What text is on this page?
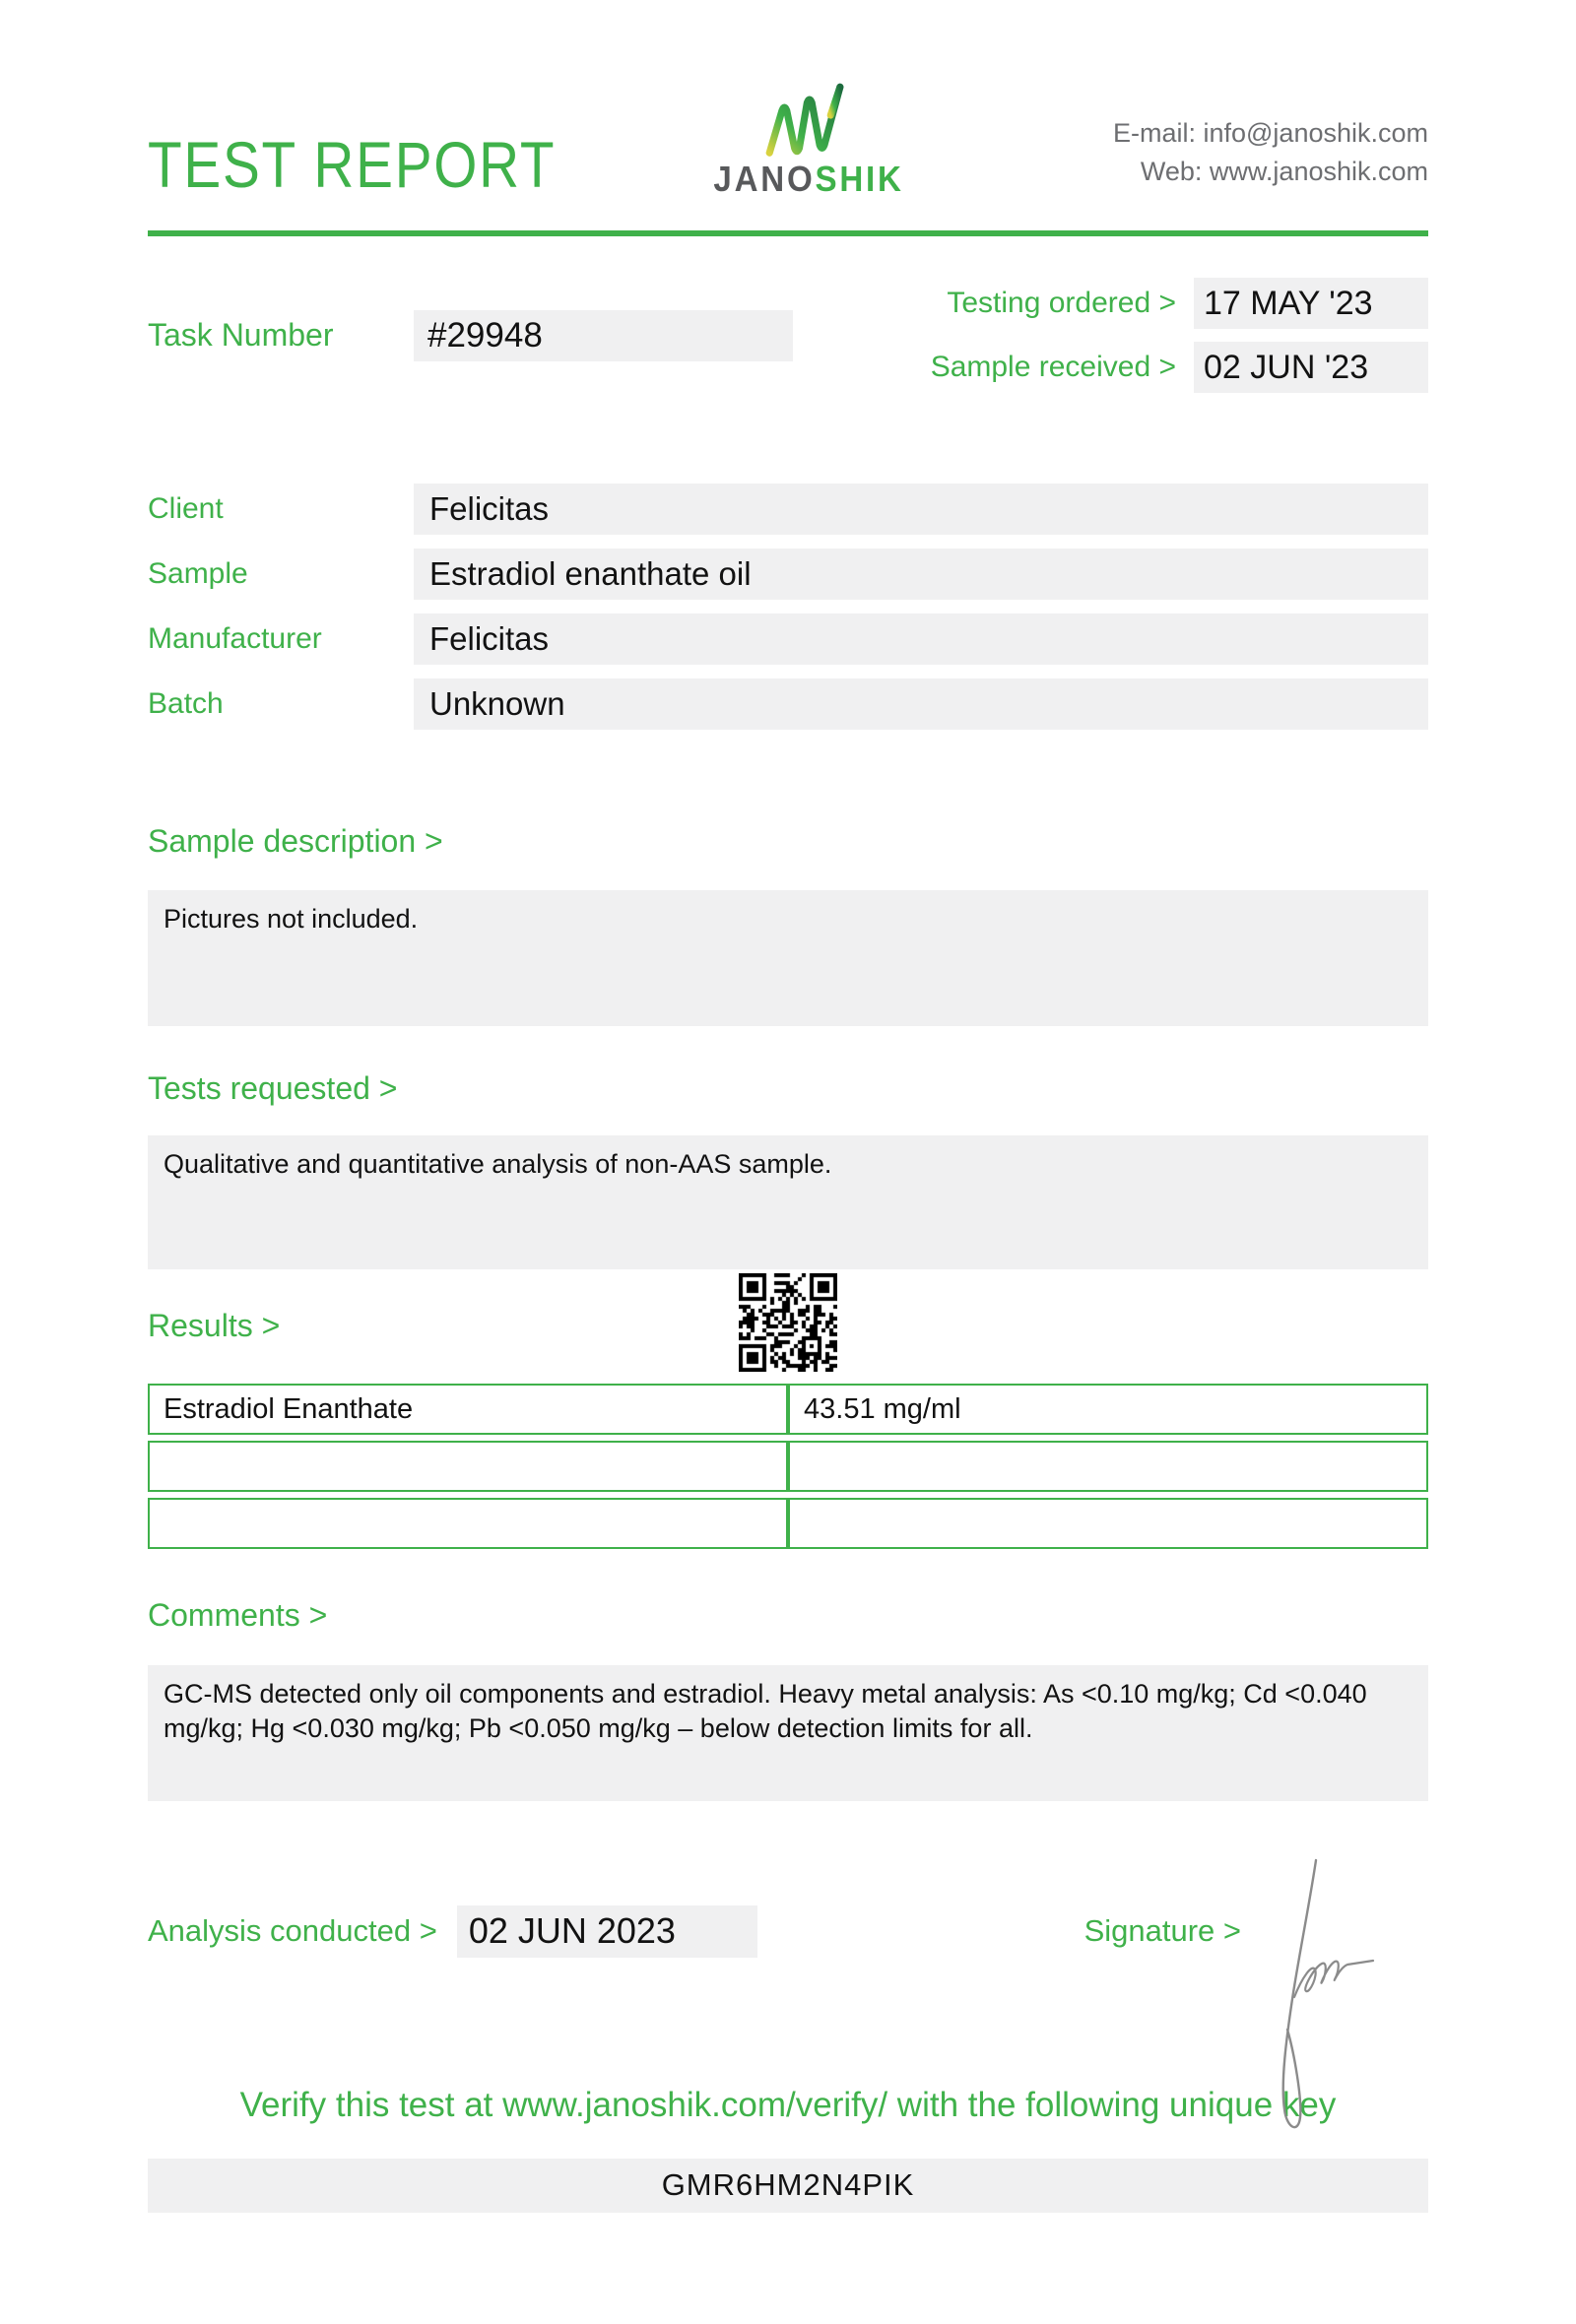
TEST REPORT	JANOSHIK
E-mail: info@janoshik.com
Web: www.janoshik.com
Task Number	#29948
Testing ordered > 17 MAY '23
Sample received > 02 JUN '23
Client	Felicitas
Sample	Estradiol enanthate oil
Manufacturer	Felicitas
Batch	Unknown
Sample description >
Pictures not included.
Tests requested >
Qualitative and quantitative analysis of non-AAS sample.
Results >
Estradiol Enanthate	43.51 mg/ml

Comments >
GC-MS detected only oil components and estradiol. Heavy metal analysis: As <0.10 mg/kg; Cd <0.040 mg/kg; Hg <0.030 mg/kg; Pb <0.050 mg/kg – below detection limits for all.
Analysis conducted > 02 JUN 2023	Signature >
Verify this test at www.janoshik.com/verify/ with the following unique key
GMR6HM2N4PIK
